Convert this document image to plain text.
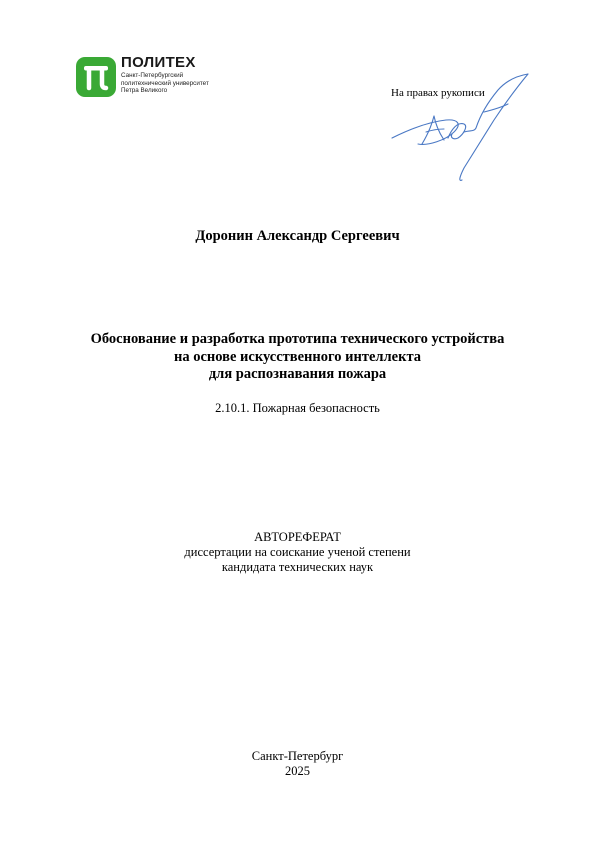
ПОЛИТЕХ
Санкт-Петербургский
политехнический университет
Петра Великого	На правах рукописи
Доронин Александр Сергеевич
Обоснование и разработка прототипа технического устройства
на основе искусственного интеллекта
для распознавания пожара
2.10.1. Пожарная безопасность
АВТОРЕФЕРАТ
диссертации на соискание ученой степени
кандидата технических наук
Санкт-Петербург
2025
